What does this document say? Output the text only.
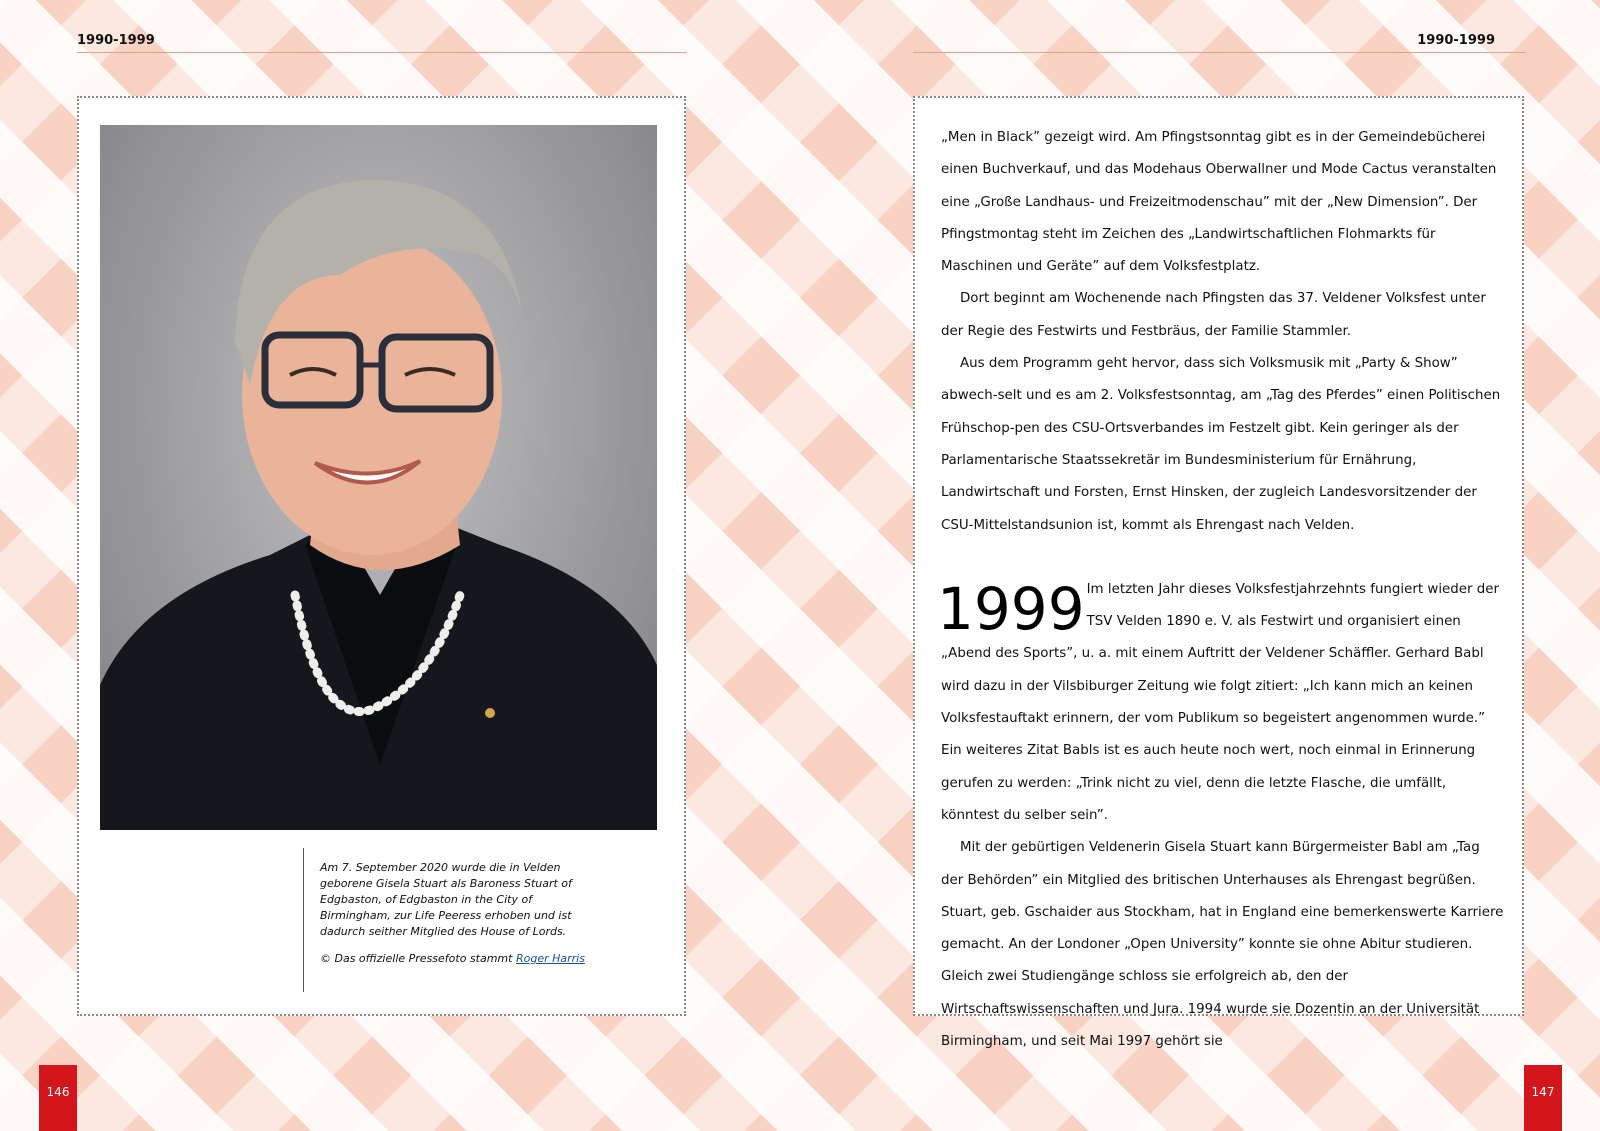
1990-1999	1990-1999

Am 7. September 2020 wurde die in Velden geborene Gisela Stuart als Baroness Stuart of Edgbaston, of Edgbaston in the City of Birmingham, zur Life Peeress erhoben und ist dadurch seither Mitglied des House of Lords.

© Das offizielle Pressefoto stammt Roger Harris

„Men in Black” gezeigt wird. Am Pfingstsonntag gibt es in der Gemeindebücherei einen Buchverkauf, und das Modehaus Oberwallner und Mode Cactus veranstalten eine „Große Landhaus- und Freizeitmodenschau” mit der „New Dimension”. Der Pfingstmontag steht im Zeichen des „Landwirtschaftlichen Flohmarkts für Maschinen und Geräte” auf dem Volksfestplatz.

Dort beginnt am Wochenende nach Pfingsten das 37. Veldener Volksfest unter der Regie des Festwirts und Festbräus, der Familie Stammler.

Aus dem Programm geht hervor, dass sich Volksmusik mit „Party & Show” abwech-selt und es am 2. Volksfestsonntag, am „Tag des Pferdes” einen Politischen Frühschop-pen des CSU-Ortsverbandes im Festzelt gibt. Kein geringer als der Parlamentarische Staatssekretär im Bundesministerium für Ernährung, Landwirtschaft und Forsten, Ernst Hinsken, der zugleich Landesvorsitzender der CSU-Mittelstandsunion ist, kommt als Ehrengast nach Velden.

1999 Im letzten Jahr dieses Volksfestjahrzehnts fungiert wieder der TSV Velden 1890 e. V. als Festwirt und organisiert einen „Abend des Sports”, u. a. mit einem Auftritt der Veldener Schäffler. Gerhard Babl wird dazu in der Vilsbiburger Zeitung wie folgt zitiert: „Ich kann mich an keinen Volksfestauftakt erinnern, der vom Publikum so begeistert angenommen wurde.” Ein weiteres Zitat Babls ist es auch heute noch wert, noch einmal in Erinnerung gerufen zu werden: „Trink nicht zu viel, denn die letzte Flasche, die umfällt, könntest du selber sein”.

Mit der gebürtigen Veldenerin Gisela Stuart kann Bürgermeister Babl am „Tag der Behörden” ein Mitglied des britischen Unterhauses als Ehrengast begrüßen. Stuart, geb. Gschaider aus Stockham, hat in England eine bemerkenswerte Karriere gemacht. An der Londoner „Open University” konnte sie ohne Abitur studieren. Gleich zwei Studiengänge schloss sie erfolgreich ab, den der Wirtschaftswissenschaften und Jura. 1994 wurde sie Dozentin an der Universität Birmingham, und seit Mai 1997 gehört sie

146	147
